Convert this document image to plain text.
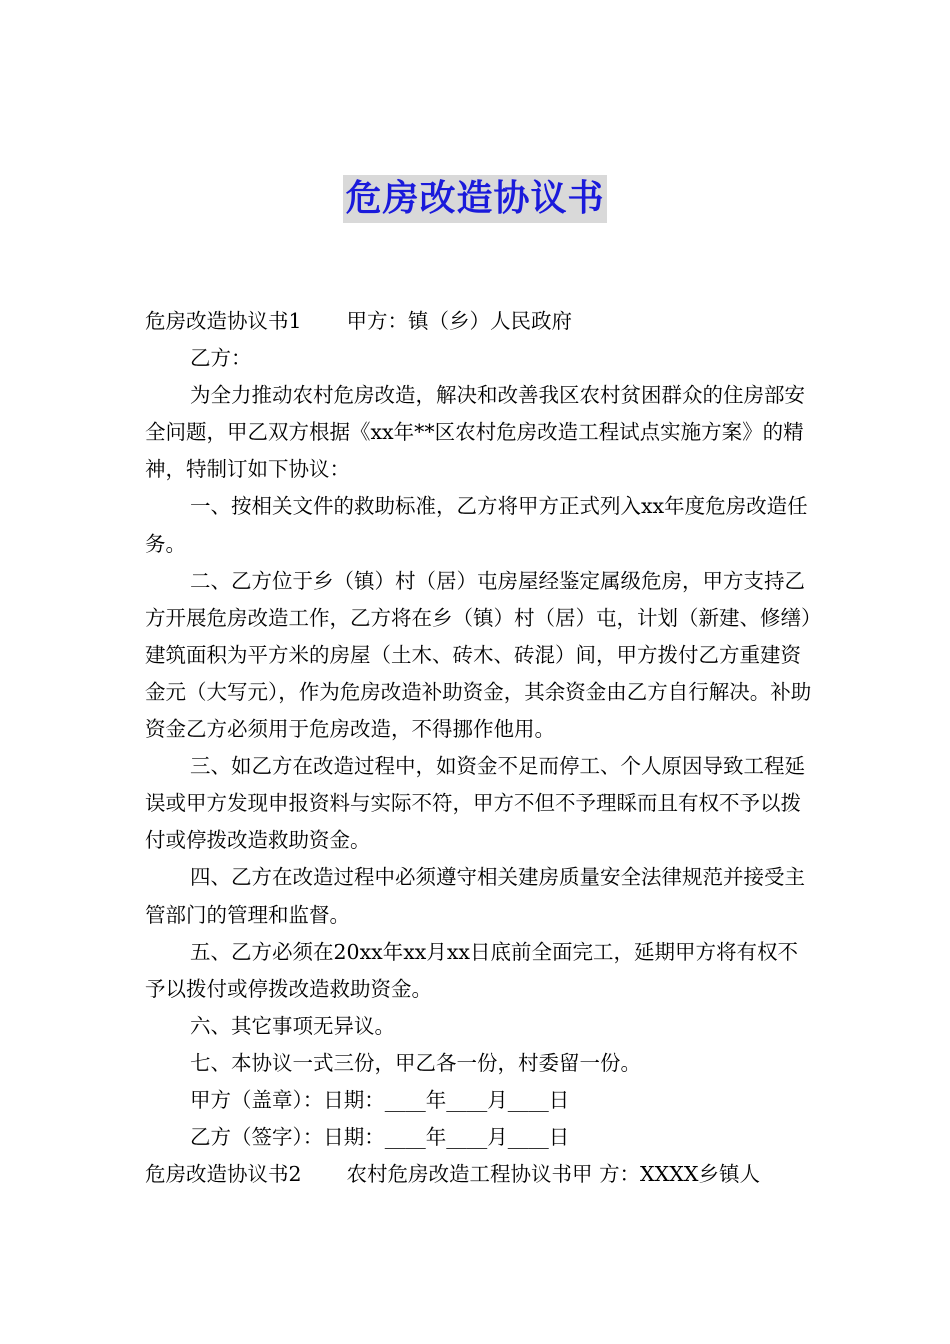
危房改造协议书

危房改造协议书1 甲方：镇（乡）人民政府

乙方：

为全力推动农村危房改造，解决和改善我区农村贫困群众的住房部安全问题，甲乙双方根据《xx年**区农村危房改造工程试点实施方案》的精神，特制订如下协议：

一、按相关文件的救助标准，乙方将甲方正式列入xx年度危房改造任务。

二、乙方位于乡（镇）村（居）屯房屋经鉴定属级危房，甲方支持乙方开展危房改造工作，乙方将在乡（镇）村（居）屯，计划（新建、修缮）建筑面积为平方米的房屋（土木、砖木、砖混）间，甲方拨付乙方重建资金元（大写元），作为危房改造补助资金，其余资金由乙方自行解决。补助资金乙方必须用于危房改造，不得挪作他用。

三、如乙方在改造过程中，如资金不足而停工、个人原因导致工程延误或甲方发现申报资料与实际不符，甲方不但不予理睬而且有权不予以拨付或停拨改造救助资金。

四、乙方在改造过程中必须遵守相关建房质量安全法律规范并接受主管部门的管理和监督。

五、乙方必须在20xx年xx月xx日底前全面完工，延期甲方将有权不予以拨付或停拨改造救助资金。

六、其它事项无异议。

七、本协议一式三份，甲乙各一份，村委留一份。

甲方（盖章）：日期：____年____月____日

乙方（签字）：日期：____年____月____日

危房改造协议书2 农村危房改造工程协议书甲 方：XXXX乡镇人
